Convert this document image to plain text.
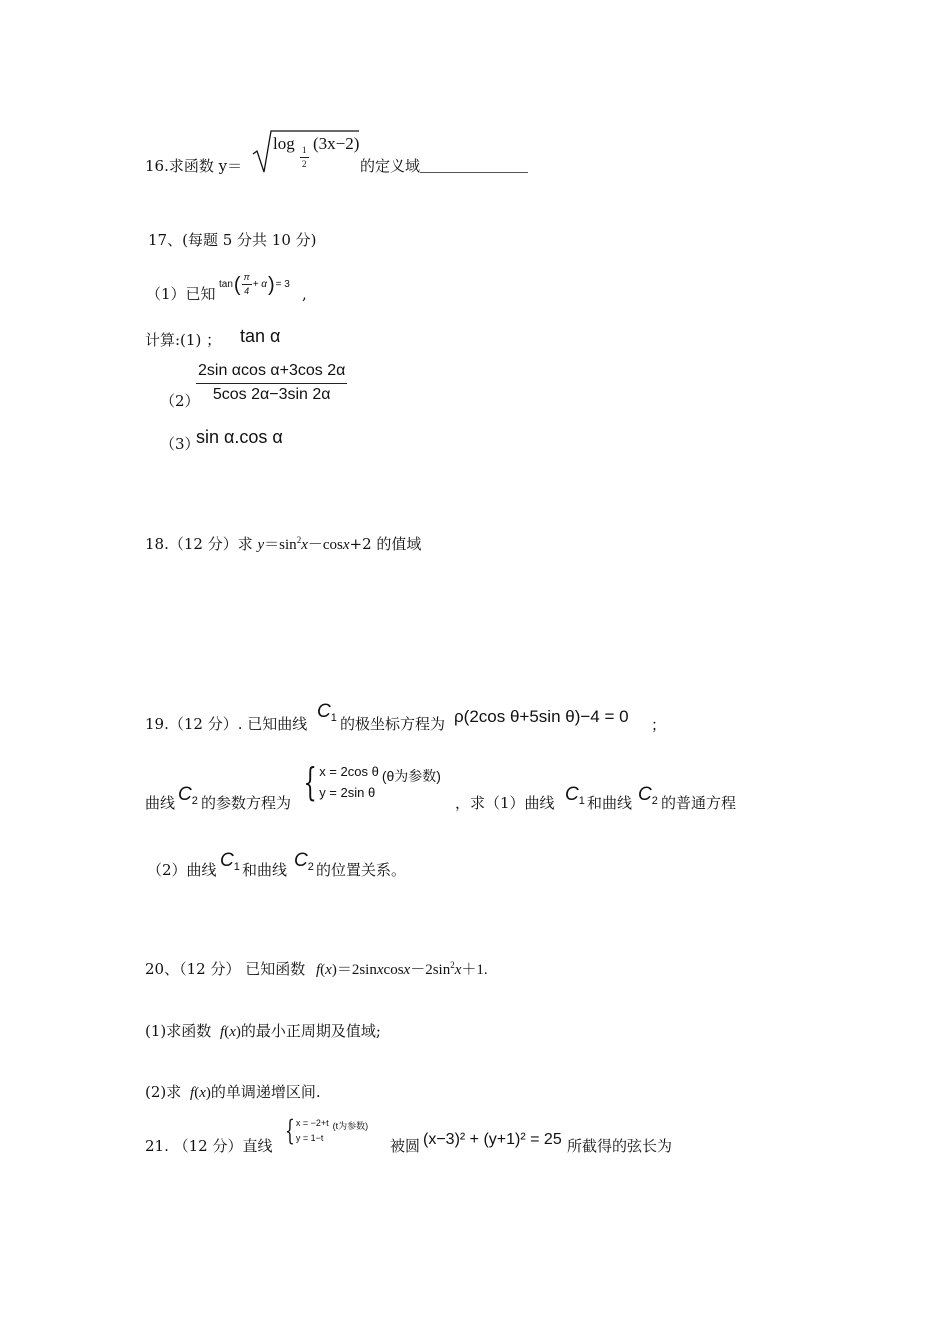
16.求函数 y＝
log
$\frac{1}{2}$
(3x−2)
的定义域
17、(每题 5 分共 10 分)
（1）已知
tan ( $\frac{\pi}{4} + \alpha$ ) = 3
,
计算:(1) ； tan α
（2）
$\frac{\text{2sin αcos α+3cos 2α}}{5\cos 2\alpha-3\sin 2\alpha}$
（3）
sin α.cos α
18.（12 分）求 $y=\sin^2x-\cos x+2$ 的值域
19.（12 分）. 已知曲线
$C_1$ 的极坐标方程为 ρ(2cos θ+5sin θ)−4 = 0 ；
曲线 $C_2$ 的参数方程为 { x = 2cos θ
y = 2sin θ
(θ为参数)
，求（1）曲线 $C_1$ 和曲线 $C_2$ 的普通方程
（2）曲线 $C_1$ 和曲线 $C_2$ 的位置关系。
20、（12 分） 已知函数 $f(x)=2sinxcosx-2\sin^2x+1$.
(1)求函数 f(x)的最小正周期及值域;
(2)求 f(x)的单调递增区间.
21. （12 分）直线 { x = −2+t
y = 1−t
(t为参数)
被圆 (x−3)² + (y+1)² = 25 所截得的弦长为
